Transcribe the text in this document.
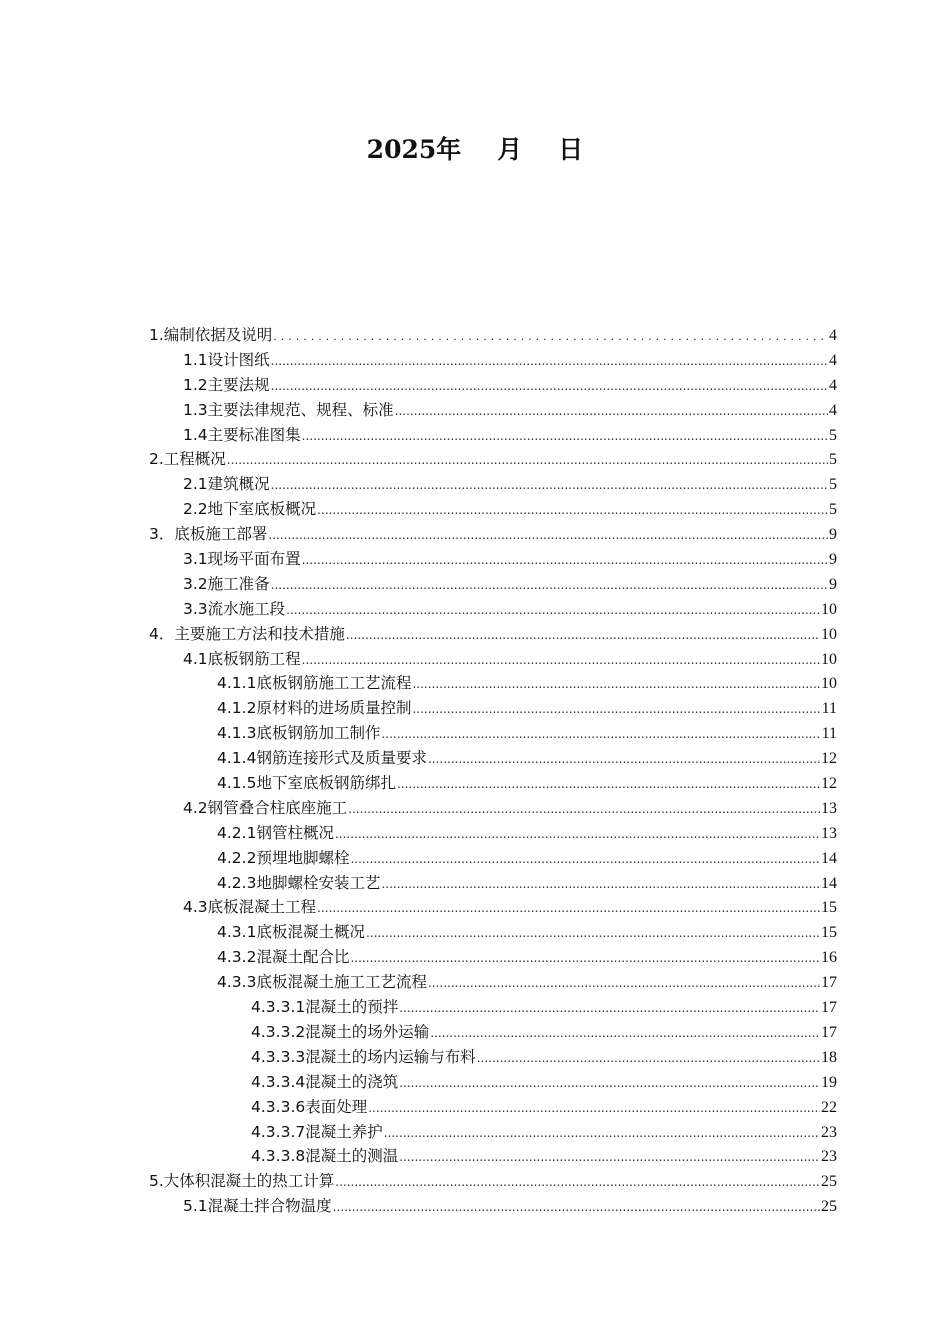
2025年 月 日
1.编制依据及说明 .....	4
1.1设计图纸 .....	4
1.2主要法规 .....	4
1.3主要法律规范、规程、标准 .....	4
1.4主要标准图集 .....	5
2.工程概况 .....	5
2.1建筑概况 .....	5
2.2地下室底板概况 .....	5
3．底板施工部署 .....	9
3.1现场平面布置 .....	9
3.2施工准备 .....	9
3.3流水施工段 .....	10
4．主要施工方法和技术措施 .....	10
4.1底板钢筋工程 .....	10
4.1.1底板钢筋施工工艺流程 .....	10
4.1.2原材料的进场质量控制 .....	11
4.1.3底板钢筋加工制作 .....	11
4.1.4钢筋连接形式及质量要求 .....	12
4.1.5地下室底板钢筋绑扎 .....	12
4.2钢管叠合柱底座施工 .....	13
4.2.1钢管柱概况 .....	13
4.2.2预埋地脚螺栓 .....	14
4.2.3地脚螺栓安装工艺 .....	14
4.3底板混凝土工程 .....	15
4.3.1底板混凝土概况 .....	15
4.3.2混凝土配合比 .....	16
4.3.3底板混凝土施工工艺流程 .....	17
4.3.3.1混凝土的预拌 .....	17
4.3.3.2混凝土的场外运输 .....	17
4.3.3.3混凝土的场内运输与布料 .....	18
4.3.3.4混凝土的浇筑 .....	19
4.3.3.6表面处理 .....	22
4.3.3.7混凝土养护 .....	23
4.3.3.8混凝土的测温 .....	23
5.大体积混凝土的热工计算 .....	25
5.1混凝土拌合物温度 .....	25
